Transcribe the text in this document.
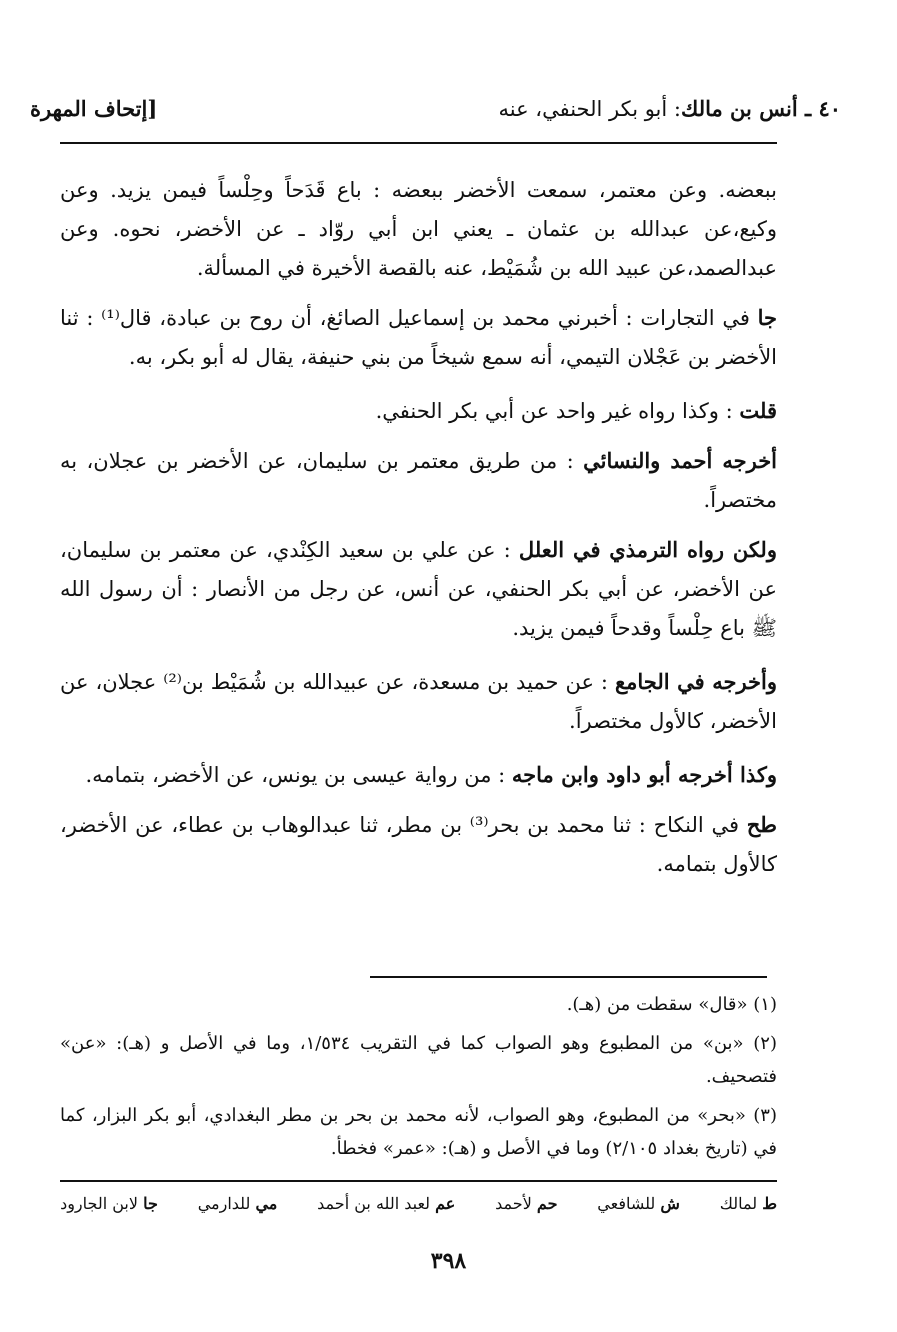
٤٠ ـ أنس بن مالك: أبو بكر الحنفي، عنه
[إتحاف المهرة

ببعضه. وعن معتمر، سمعت الأخضر ببعضه : باع قَدَحاً وحِلْساً فيمن يزيد. وعن وكيع،عن عبدالله بن عثمان ـ يعني ابن أبي روّاد ـ عن الأخضر، نحوه. وعن عبدالصمد،عن عبيد الله بن شُمَيْط، عنه بالقصة الأخيرة في المسألة.

جا في التجارات : أخبرني محمد بن إسماعيل الصائغ، أن روح بن عبادة، قال⁽¹⁾ : ثنا الأخضر بن عَجْلان التيمي، أنه سمع شيخاً من بني حنيفة، يقال له أبو بكر، به.

قلت : وكذا رواه غير واحد عن أبي بكر الحنفي.

أخرجه أحمد والنسائي : من طريق معتمر بن سليمان، عن الأخضر بن عجلان، به مختصراً.

ولكن رواه الترمذي في العلل : عن علي بن سعيد الكِنْدي، عن معتمر بن سليمان، عن الأخضر، عن أبي بكر الحنفي، عن أنس، عن رجل من الأنصار : أن رسول الله ﷺ باع حِلْساً وقدحاً فيمن يزيد.

وأخرجه في الجامع : عن حميد بن مسعدة، عن عبيدالله بن شُمَيْط بن⁽²⁾ عجلان، عن الأخضر، كالأول مختصراً.

وكذا أخرجه أبو داود وابن ماجه : من رواية عيسى بن يونس، عن الأخضر، بتمامه.

طح في النكاح : ثنا محمد بن بحر⁽³⁾ بن مطر، ثنا عبدالوهاب بن عطاء، عن الأخضر، كالأول بتمامه.

(١) «قال» سقطت من (هـ).

(٢) «بن» من المطبوع وهو الصواب كما في التقريب ١/٥٣٤، وما في الأصل و (هـ): «عن» فتصحيف.

(٣) «بحر» من المطبوع، وهو الصواب، لأنه محمد بن بحر بن مطر البغدادي، أبو بكر البزار، كما في (تاريخ بغداد ٢/١٠٥) وما في الأصل و (هـ): «عمر» فخطأ.

ط لمالك
ش للشافعي
حم لأحمد
عم لعبد الله بن أحمد
مي للدارمي
جا لابن الجارود
٣٩٨
